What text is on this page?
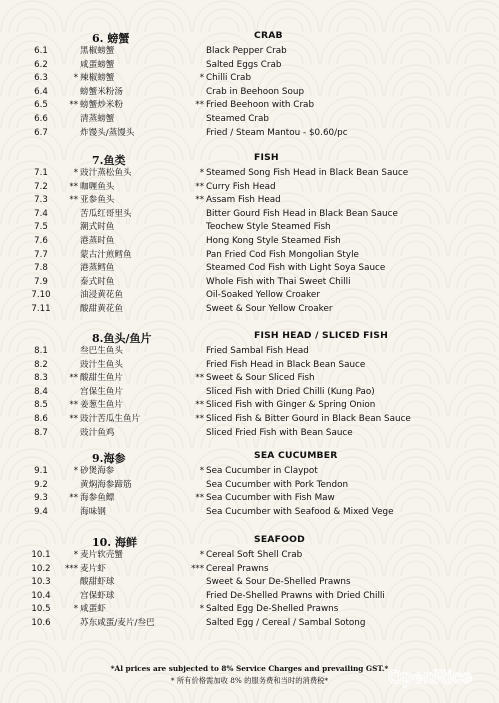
6. 螃蟹	CRAB
6.1	黑椒螃蟹	Black Pepper Crab
6.2	咸蛋螃蟹	Salted Eggs Crab
6.3	* 辣椒螃蟹	* Chilli Crab
6.4	螃蟹米粉汤	Crab in Beehoon Soup
6.5	** 螃蟹炒米粉	** Fried Beehoon with Crab
6.6	清蒸螃蟹	Steamed Crab
6.7	炸馒头/蒸馒头	Fried / Steam Mantou - $0.60/pc
7.鱼类	FISH
7.1	* 豉汁蒸松鱼头	* Steamed Song Fish Head in Black Bean Sauce
7.2	** 咖喱鱼头	** Curry Fish Head
7.3	** 亚参鱼头	** Assam Fish Head
7.4	苦瓜红哥里头	Bitter Gourd Fish Head in Black Bean Sauce
7.5	潮式时鱼	Teochew Style Steamed Fish
7.6	港蒸时鱼	Hong Kong Style Steamed Fish
7.7	蒙古汁煎鳕鱼	Pan Fried Cod Fish Mongolian Style
7.8	港蒸鳕鱼	Steamed Cod Fish with Light Soya Sauce
7.9	泰式时鱼	Whole Fish with Thai Sweet Chilli
7.10	油浸黄花鱼	Oil-Soaked Yellow Croaker
7.11	酸甜黄花鱼	Sweet & Sour Yellow Croaker
8.鱼头/鱼片	FISH HEAD / SLICED FISH
8.1	叁巴生鱼头	Fried Sambal Fish Head
8.2	豉汁生鱼头	Fried Fish Head in Black Bean Sauce
8.3	** 酸甜生鱼片	** Sweet & Sour Sliced Fish
8.4	宫保生鱼片	Sliced Fish with Dried Chilli (Kung Pao)
8.5	** 姜葱生鱼片	** Sliced Fish with Ginger & Spring Onion
8.6	** 豉汁苦瓜生鱼片	** Sliced Fish & Bitter Gourd in Black Bean Sauce
8.7	豉汁鱼鸡	Sliced Fried Fish with Bean Sauce
9.海参	SEA CUCUMBER
9.1	* 砂煲海参	* Sea Cucumber in Claypot
9.2	黄焖海参蹄筋	Sea Cucumber with Pork Tendon
9.3	** 海参鱼鳔	** Sea Cucumber with Fish Maw
9.4	海味钢	Sea Cucumber with Seafood & Mixed Vege
10. 海鲜	SEAFOOD
10.1	* 麦片软壳蟹	* Cereal Soft Shell Crab
10.2	*** 麦片虾	*** Cereal Prawns
10.3	酸甜虾球	Sweet & Sour De-Shelled Prawns
10.4	宫保虾球	Fried De-Shelled Prawns with Dried Chilli
10.5	* 咸蛋虾	* Salted Egg De-Shelled Prawns
10.6	苏东咸蛋/麦片/叁巴	Salted Egg / Cereal / Sambal Sotong
*Al prices are subjected to 8% Service Charges and prevailing GST.*
* 所有价格需加收 8% 的服务费和当时的消费税*	OpenRice
